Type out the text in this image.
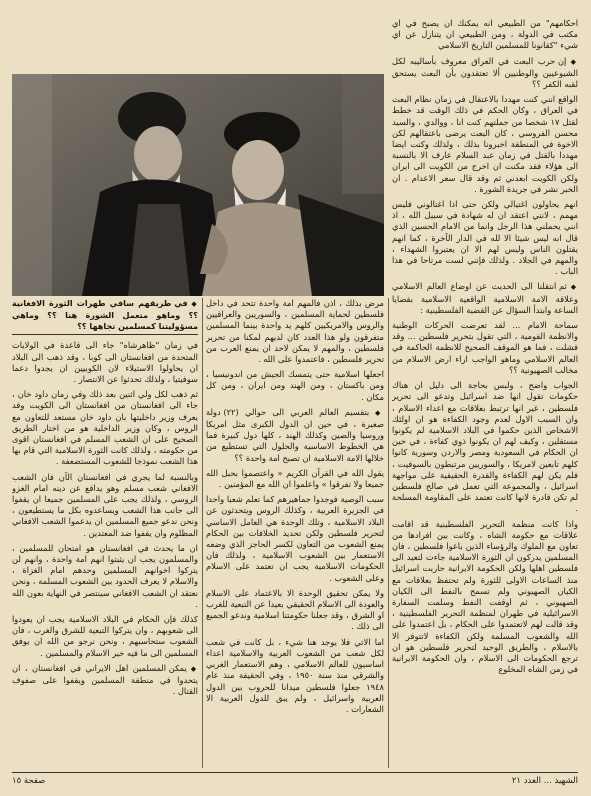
احكامهم" من الطبيعي انه يمكنك ان يصبح في اي مكتب في الدولة ، ومن الطبيعي ان يتنازل عن اي شيء "كقانونا للمسلمين التاريخ الاسلامي

◆ إن حرب البعث في العراق معروف بأساليبه لكل الشيوعيين والوطنيين ألا تعتقدون بأن البعث يستحق لقبه الكفر ؟؟

الواقع انني كنت مهددا بالاعتقال في زمان نظام البعث في العراق ، وكان الحكم في ذلك الوقت قد خطط لقتل ١٧ شخصا من جملتهم كنت انا ، ووالدي ، والسيد محسن الفروسي ، كان البعث يرضى باعتقالهم لكن الاخوة في المنطقة اخبرونا بذلك ، ولذلك وكنت ايضا مهددا بالقتل في زمان عبد السلام عارف الا بالنسبة الى هؤلاء فقد مكنت ان اخرج من الكويت الى ايران ولكن الكويت ابعدني ثم وقد قال سعر الاعدام . ان الخبر نشر في جريدة الشورة .

انهم يحاولون اغتيالي ولكن حتى اذا اغتالوني فليس مهمم ، لانني اعتقد ان له شهادة في سبيل الله ، اذ انني يحملني هذا الرجل وانما من الامام الحسين الذي قال انه ليس شيئا الا لله في الدار الآخرة ، كما انهم يقتلون الناس وليس لهم الا ان يعتبروا الشهداء ، والمهم في الجلاد . ولذلك فإنني لست مرتاحا في هذا الباب .

◆ ثم انتقلنا الى الحديث عن اوضاع العالم الاسلامي وعلاقة الامة الاسلامية الواقعية الاسلامية بقضايا الساعة وابتدأ السؤال عن القضية الفلسطينية :

سماحة الامام ... لقد تعرضت الحركات الوطنية والانظمة القومية ، التي تقول بتحرير فلسطين ... وقد فشلت ، فما هو الموقف الصحيح للانظمة الحاكمة في العالم الاسلامي وماهو الواجب ازاء ارض الاسلام من مخالب الصهيونية ؟؟

الجواب واضح ، ولبس بحاجة الى دليل ان هناك حكومات تقول انها ضد اسرائيل وتدعو الى تحرير فلسطين ، غير انها ترتبط بعلاقات مع اعداء الاسلام ، وان السبب الاول لعدم وجود الكفاءة هو ان اولئك الاشخاص الذين حكموا في البلاد الاسلامية لم يكونوا مستقلين ، وكيف لهم ان يكونوا ذوي كفاءة ، في حين ان الحكام في السعودية ومصر والاردن وسورية كانوا كلهم تابعين لامريكا ، والسوريين مرتبطون بالسوفيت ، فلم يكن لهم الكفاءة والقدرة الحقيقية على مواجهة اسرائيل ، والمجموعة التي تعمل في صالح فلسطين لم تكن قادرة لانها كانت تعتمد على المقاومة المسلحة .

واذا كانت منظمة التحرير الفلسطينية قد اقامت علاقات مع حكومة الشاه ، وكانت بين افرادها من تعاون مع الملوك والرؤساء الذين باعوا فلسطين ، فان المسلمين يدركون ان الثورة الاسلامية جاءت لتعيد الى فلسطين اهلها ولكن الحكومة الايرانية حاربت اسرائيل منذ الساعات الاولى للثورة ولم تحتفظ بعلاقات مع الكيان الصهيوني ولم تسمح بالنفط الى الكيان الصهيوني ، ثم اوقفت النفط وسلمت السفارة الاسرائيلية في طهران لمنظمة التحرير الفلسطينية ، وقد قالت لهم لاتعتمدوا على الحكام ، بل اعتمدوا على الله والشعوب المسلمة ولكن الكفاءة لاتتوفر الا بالاسلام ، والطريق الوحيد لتحرير فلسطين هو ان ترجع الحكومات الى الاسلام ، وان الحكومة الايرانية في زمن الشاه المخلوع

مرض بذلك ، اذن فالمهم امة واحدة تتحد في داخل فلسطين لحماية المسلمين ، والسوريين والعراقيين والروس والامريكيين كلهم يد واحدة بينما المسلمين متفرقون ولو هذا العدد كان لديهم لمكنا من تحرير فلسطين ، والمهم لا يمكن لاحد ان يمنع العرب من تحرير فلسطين ، فاعتمدوا على الله .

اجعلها اسلامية حتى يتمسك الجيش من اندونيسيا ، ومن باكستان ، ومن الهند ومن ايران ، ومن كل مكان .

◆ بتقسيم العالم العربي الى حوالي (٢٢) دولة صغيرة ، في حين ان الدول الكبرى مثل امريكا وروسيا والصين وكذلك الهند ، كلها دول كبيرة فما هي الخطوط الاساسية والحلول التي تستطيع من خلالها الامة الاسلامية ان تصبح امة واحدة ؟؟

يقول الله في القرآن الكريم « واعتصموا بحبل الله جميعا ولا تفرقوا » واعلموا ان الله مع المؤمنين .

سبب الوصية فوجدوا جماهيرهم كما تعلم شعبا واحدا في الجزيرة العربية ، وكذلك الروس ويتحدثون عن البلاد الاسلامية ، وتلك الوحدة هي العامل الاساسي لتحرير فلسطين ولكن تحديد الخلافات بين الحكام يمنع الشعوب من التعاون لكسر الحاجز الذي وضعه الاستعمار بين الشعوب الاسلامية ، ولذلك فان الحكومات الاسلامية يجب ان تعتمد على الاسلام وعلى الشعوب .

ولا يمكن تحقيق الوحدة الا بالاعتماد على الاسلام والعودة الى الاسلام الحقيقي بعيدا عن التبعية للغرب او الشرق ، وقد جعلنا حكومتنا اسلامية وندعو الجميع الى ذلك .

اما الاتي فلا يوجد هنا شيء ، بل كانت في شعب لكل شعب من الشعوب العربية والاسلامية اعداء اساسيون للعالم الاسلامي ، وهم الاستعمار الغربي والشرقي منذ سنة ١٩٥٠ ، وفي الحقيقة منذ عام ١٩٤٨ جعلوا فلسطين ميدانا للحروب بين الدول العربية واسرائيل ، ولم يبق للدول العربية الا الشعارات .

◆ في طريقهم سافي طهرات الثورة الافغانية ؟؟ وماهو متعمل الشورة هنا ؟؟ وماهي مسؤوليتنا كمسلمين تجاهها ؟؟

في زمان "ظاهرشاه" جاء الى قاعدة في الولايات المتحدة من افغانستان الى كوبا ، وقد ذهب الى البلاد ان يحاولوا الاستيلاء لان الكوبيين ان يجدوا دعما سوفيتيا ، ولذلك تحدثوا عن الانتصار .

ثم ذهب لكل ولي اثنين بعد ذلك وفي زمان داود خان ، جاء الى افغانستان من افغانستان الى الكويت وقد يعرف وزير داخليتها بان داود خان مستعد للتعاون مع الروس ، وكان وزير الداخلية هو من اختار الطريق الصحيح على ان الشعب المسلم في افغانستان اقوى من حكومته ، ولذلك كانت الثورة الاسلامية التي قام بها هذا الشعب نموذجا للشعوب المستضعفة .

وبالنسبة لما يجري في افغانستان الآن فان الشعب الافغاني شعب مسلم وهو يدافع عن دينه امام الغزو الروسي ، ولذلك يجب على المسلمين جميعا ان يقفوا الى جانب هذا الشعب ويساعدوه بكل ما يستطيعون ، ونحن ندعو جميع المسلمين ان يدعموا الشعب الافغاني المظلوم وان يقفوا ضد المعتدين .

ان ما يحدث في افغانستان هو امتحان للمسلمين ، والمسلمون يجب ان يثبتوا انهم امة واحدة ، وانهم لن يتركوا اخوانهم المسلمين وحدهم امام الغزاة ، والاسلام لا يعرف الحدود بين الشعوب المسلمة ، ونحن نعتقد ان الشعب الافغاني سينتصر في النهاية بعون الله .

كذلك فإن الحكام في البلاد الاسلامية يجب ان يعودوا الى شعوبهم ، وان يتركوا التبعية للشرق والغرب ، فان الشعوب ستحاسبهم ، ونحن نرجو من الله ان يوفق المسلمين الى ما فيه خير الاسلام والمسلمين .

◆ يمكن المسلمين اهل الايراني في افغانستان ، ان يتحدوا في منطقة المسلمين ويقفوا على صفوف القتال .

صفحة ١٥	الشهيد ... العدد ٢١
